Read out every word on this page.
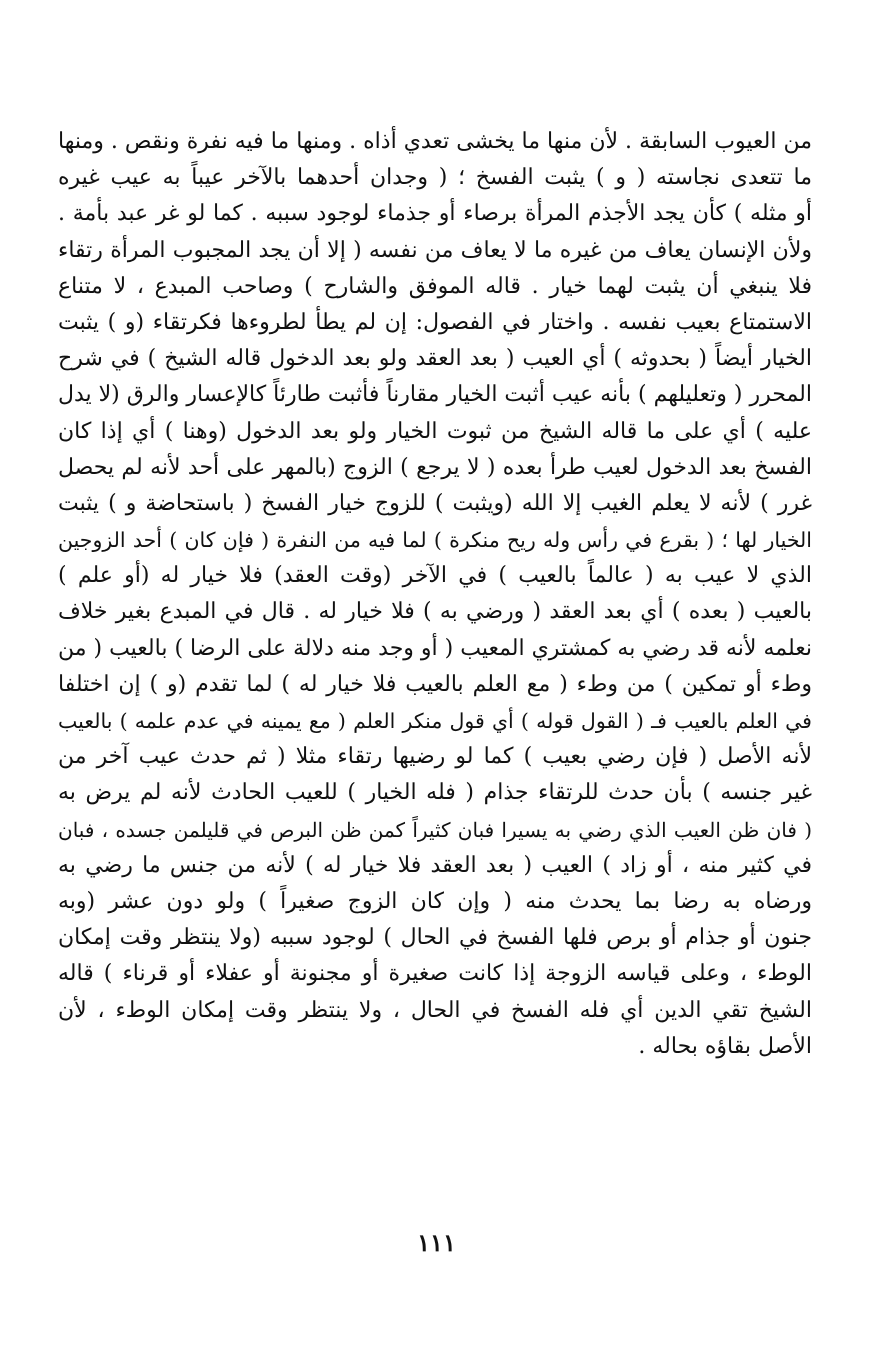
من العيوب السابقة . لأن منها ما يخشى تعدي أذاه . ومنها ما فيه نفرة ونقص . ومنها
ما تتعدى نجاسته ( و ) يثبت الفسخ ؛ ( وجدان أحدهما بالآخر عيباً به عيب غيره
أو مثله ) كأن يجد الأجذم المرأة برصاء أو جذماء لوجود سببه . كما لو غر عبد بأمة .
ولأن الإنسان يعاف من غيره ما لا يعاف من نفسه ( إلا أن يجد المجبوب المرأة رتقاء
فلا ينبغي أن يثبت لهما خيار . قاله الموفق والشارح ) وصاحب المبدع ، لا متناع
الاستمتاع بعيب نفسه . واختار في الفصول: إن لم يطأ لطروءها فكرتقاء (و ) يثبت
الخيار أيضاً ( بحدوثه ) أي العيب ( بعد العقد ولو بعد الدخول قاله الشيخ ) في شرح
المحرر ( وتعليلهم ) بأنه عيب أثبت الخيار مقارناً فأثبت طارئاً كالإعسار والرق (لا يدل
عليه ) أي على ما قاله الشيخ من ثبوت الخيار ولو بعد الدخول (وهنا ) أي إذا كان
الفسخ بعد الدخول لعيب طرأ بعده ( لا يرجع ) الزوج (بالمهر على أحد لأنه لم يحصل
غرر ) لأنه لا يعلم الغيب إلا الله (ويثبت ) للزوج خيار الفسخ ( باستحاضة و ) يثبت
الخيار لها ؛ ( بقرع في رأس وله ريح منكرة ) لما فيه من النفرة ( فإن كان ) أحد الزوجين
الذي لا عيب به ( عالماً بالعيب ) في الآخر (وقت العقد) فلا خيار له (أو علم )
بالعيب ( بعده ) أي بعد العقد ( ورضي به ) فلا خيار له . قال في المبدع بغير خلاف
نعلمه لأنه قد رضي به كمشتري المعيب ( أو وجد منه دلالة على الرضا ) بالعيب ( من
وطء أو تمكين ) من وطء ( مع العلم بالعيب فلا خيار له ) لما تقدم (و ) إن اختلفا
في العلم بالعيب فـ ( القول قوله ) أي قول منكر العلم ( مع يمينه في عدم علمه ) بالعيب
لأنه الأصل ( فإن رضي بعيب ) كما لو رضيها رتقاء مثلا ( ثم حدث عيب آخر من
غير جنسه ) بأن حدث للرتقاء جذام ( فله الخيار ) للعيب الحادث لأنه لم يرض به
( فان ظن العيب الذي رضي به يسيرا فبان كثيراً كمن ظن البرص في قليلمن جسده ، فبان
في كثير منه ، أو زاد ) العيب ( بعد العقد فلا خيار له ) لأنه من جنس ما رضي به
ورضاه به رضا بما يحدث منه ( وإن كان الزوج صغيراً ) ولو دون عشر (وبه
جنون أو جذام أو برص فلها الفسخ في الحال ) لوجود سببه (ولا ينتظر وقت إمكان
الوطء ، وعلى قياسه الزوجة إذا كانت صغيرة أو مجنونة أو عفلاء أو قرناء ) قاله
الشيخ تقي الدين أي فله الفسخ في الحال ، ولا ينتظر وقت إمكان الوطء ، لأن
الأصل بقاؤه بحاله .
١١١
